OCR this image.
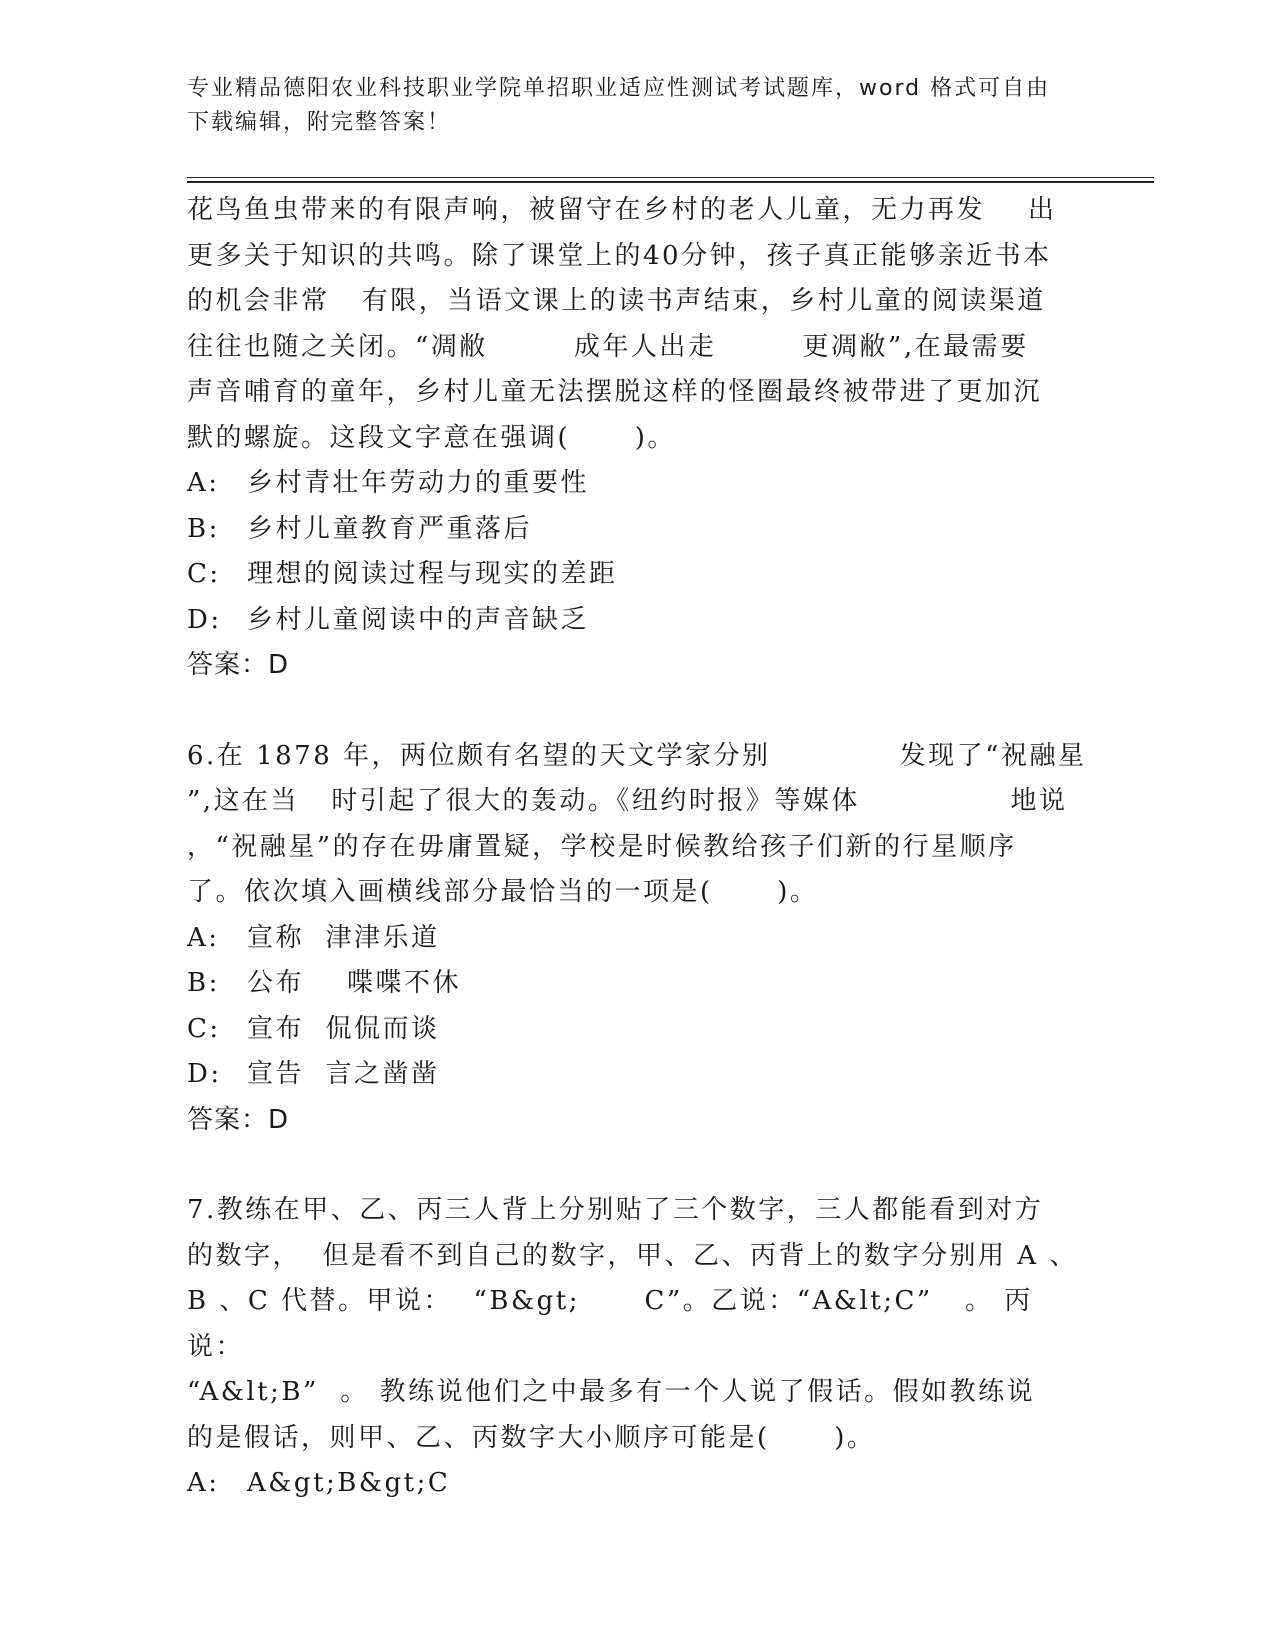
专业精品德阳农业科技职业学院单招职业适应性测试考试题库，word 格式可自由
下载编辑，附完整答案！

花鸟鱼虫带来的有限声响，被留守在乡村的老人儿童，无力再发    出

更多关于知识的共鸣。除了课堂上的40分钟，孩子真正能够亲近书本

的机会非常   有限，当语文课上的读书声结束，乡村儿童的阅读渠道

往往也随之关闭。“凋敝        成年人出走        更凋敝”,在最需要

声音哺育的童年，乡村儿童无法摆脱这样的怪圈最终被带进了更加沉

默的螺旋。这段文字意在强调(      )。

A:	乡村青壮年劳动力的重要性
B:	乡村儿童教育严重落后
C:	理想的阅读过程与现实的差距
D: 乡村儿童阅读中的声音缺乏

答案：D

6.在 1878 年，两位颇有名望的天文学家分别            发现了“祝融星

”,这在当   时引起了很大的轰动。《纽约时报》等媒体              地说

，“祝融星”的存在毋庸置疑，学校是时候教给孩子们新的行星顺序

了。依次填入画横线部分最恰当的一项是(      )。

A:	宣称  津津乐道
B:	公布    喋喋不休
C:	宣布  侃侃而谈
D: 宣告  言之凿凿

答案：D

7.教练在甲、乙、丙三人背上分别贴了三个数字，三人都能看到对方

的数字，  但是看不到自己的数字，甲、乙、丙背上的数字分别用 A 、

B 、C 代替。甲说：  “B&gt;      C”。乙说：“A&lt;C”   。 丙说：

“A&lt;B”  。 教练说他们之中最多有一个人说了假话。假如教练说

的是假话，则甲、乙、丙数字大小顺序可能是(      )。

A:	A&gt;B&gt;C
